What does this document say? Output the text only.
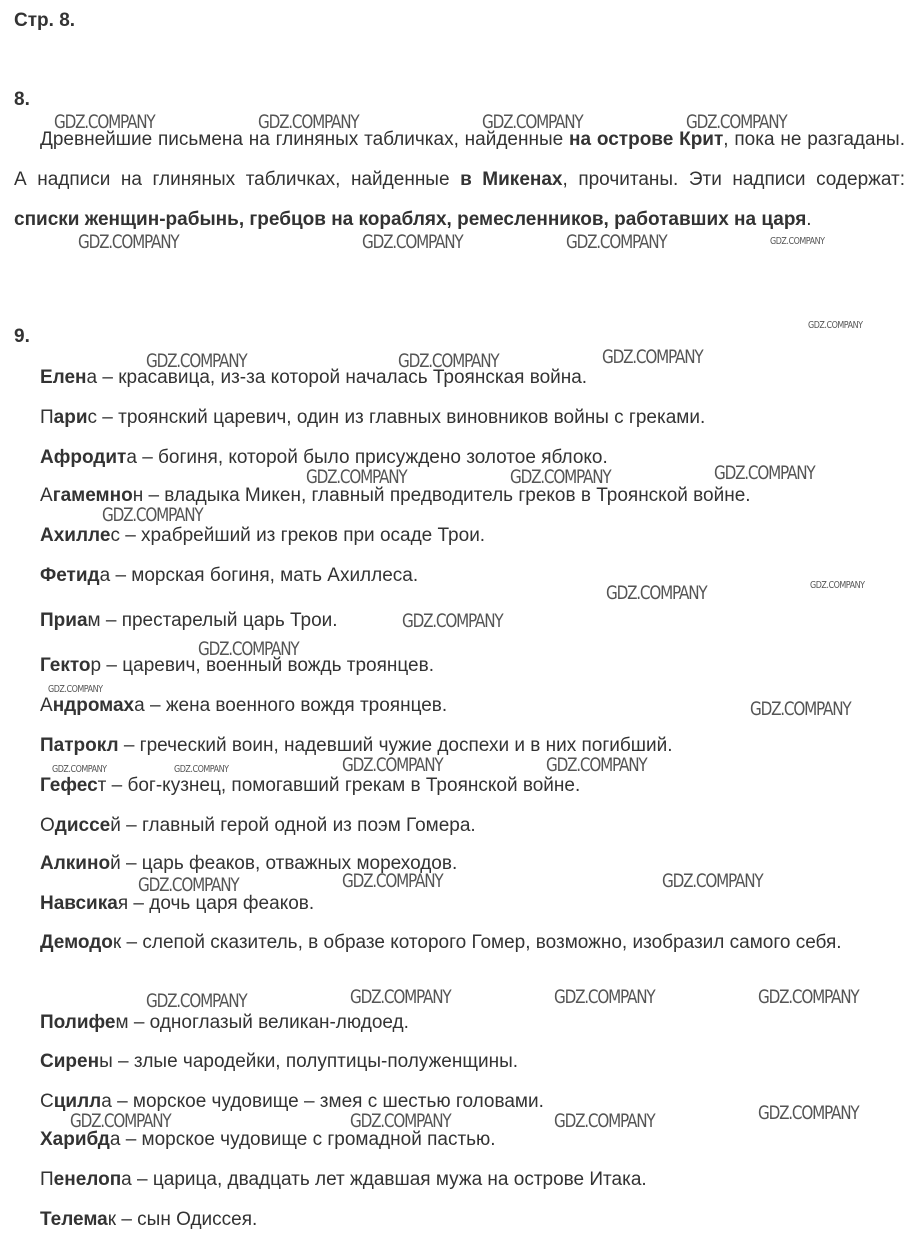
Стр. 8.
8.

Древнейшие письмена на глиняных табличках, найденные на острове Крит, пока не разгаданы. А надписи на глиняных табличках, найденные в Микенах, прочитаны. Эти надписи содержат: списки женщин-рабынь, гребцов на кораблях, ремесленников, работавших на царя.

9.
Елена – красавица, из-за которой началась Троянская война.
Парис – троянский царевич, один из главных виновников войны с греками.
Афродита – богиня, которой было присуждено золотое яблоко.
Агамемнон – владыка Микен, главный предводитель греков в Троянской войне.
Ахиллес – храбрейший из греков при осаде Трои.
Фетида – морская богиня, мать Ахиллеса.
Приам – престарелый царь Трои.
Гектор – царевич, военный вождь троянцев.
Андромаха – жена военного вождя троянцев.
Патрокл – греческий воин, надевший чужие доспехи и в них погибший.
Гефест – бог-кузнец, помогавший грекам в Троянской войне.
Одиссей – главный герой одной из поэм Гомера.
Алкиной – царь феаков, отважных мореходов.
Навсикая – дочь царя феаков.
Демодок – слепой сказитель, в образе которого Гомер, возможно, изобразил самого себя.
Полифем – одноглазый великан-людоед.
Сирены – злые чародейки, полуптицы-полуженщины.
Сцилла – морское чудовище – змея с шестью головами.
Харибда – морское чудовище с громадной пастью.
Пенелопа – царица, двадцать лет ждавшая мужа на острове Итака.
Телемак – сын Одиссея.
GDZ.COMPANY	GDZ.COMPANY	GDZ.COMPANY	GDZ.COMPANY
GDZ.COMPANY	GDZ.COMPANY	GDZ.COMPANY	GDZ.COMPANY
GDZ.COMPANY
GDZ.COMPANY	GDZ.COMPANY	GDZ.COMPANY
GDZ.COMPANY	GDZ.COMPANY	GDZ.COMPANY
GDZ.COMPANY
GDZ.COMPANY	GDZ.COMPANY
GDZ.COMPANY
GDZ.COMPANY
GDZ.COMPANY
GDZ.COMPANY
GDZ.COMPANY	GDZ.COMPANY
GDZ.COMPANY	GDZ.COMPANY
GDZ.COMPANY	GDZ.COMPANY
GDZ.COMPANY
GDZ.COMPANY	GDZ.COMPANY	GDZ.COMPANY	GDZ.COMPANY
GDZ.COMPANY	GDZ.COMPANY	GDZ.COMPANY	GDZ.COMPANY
